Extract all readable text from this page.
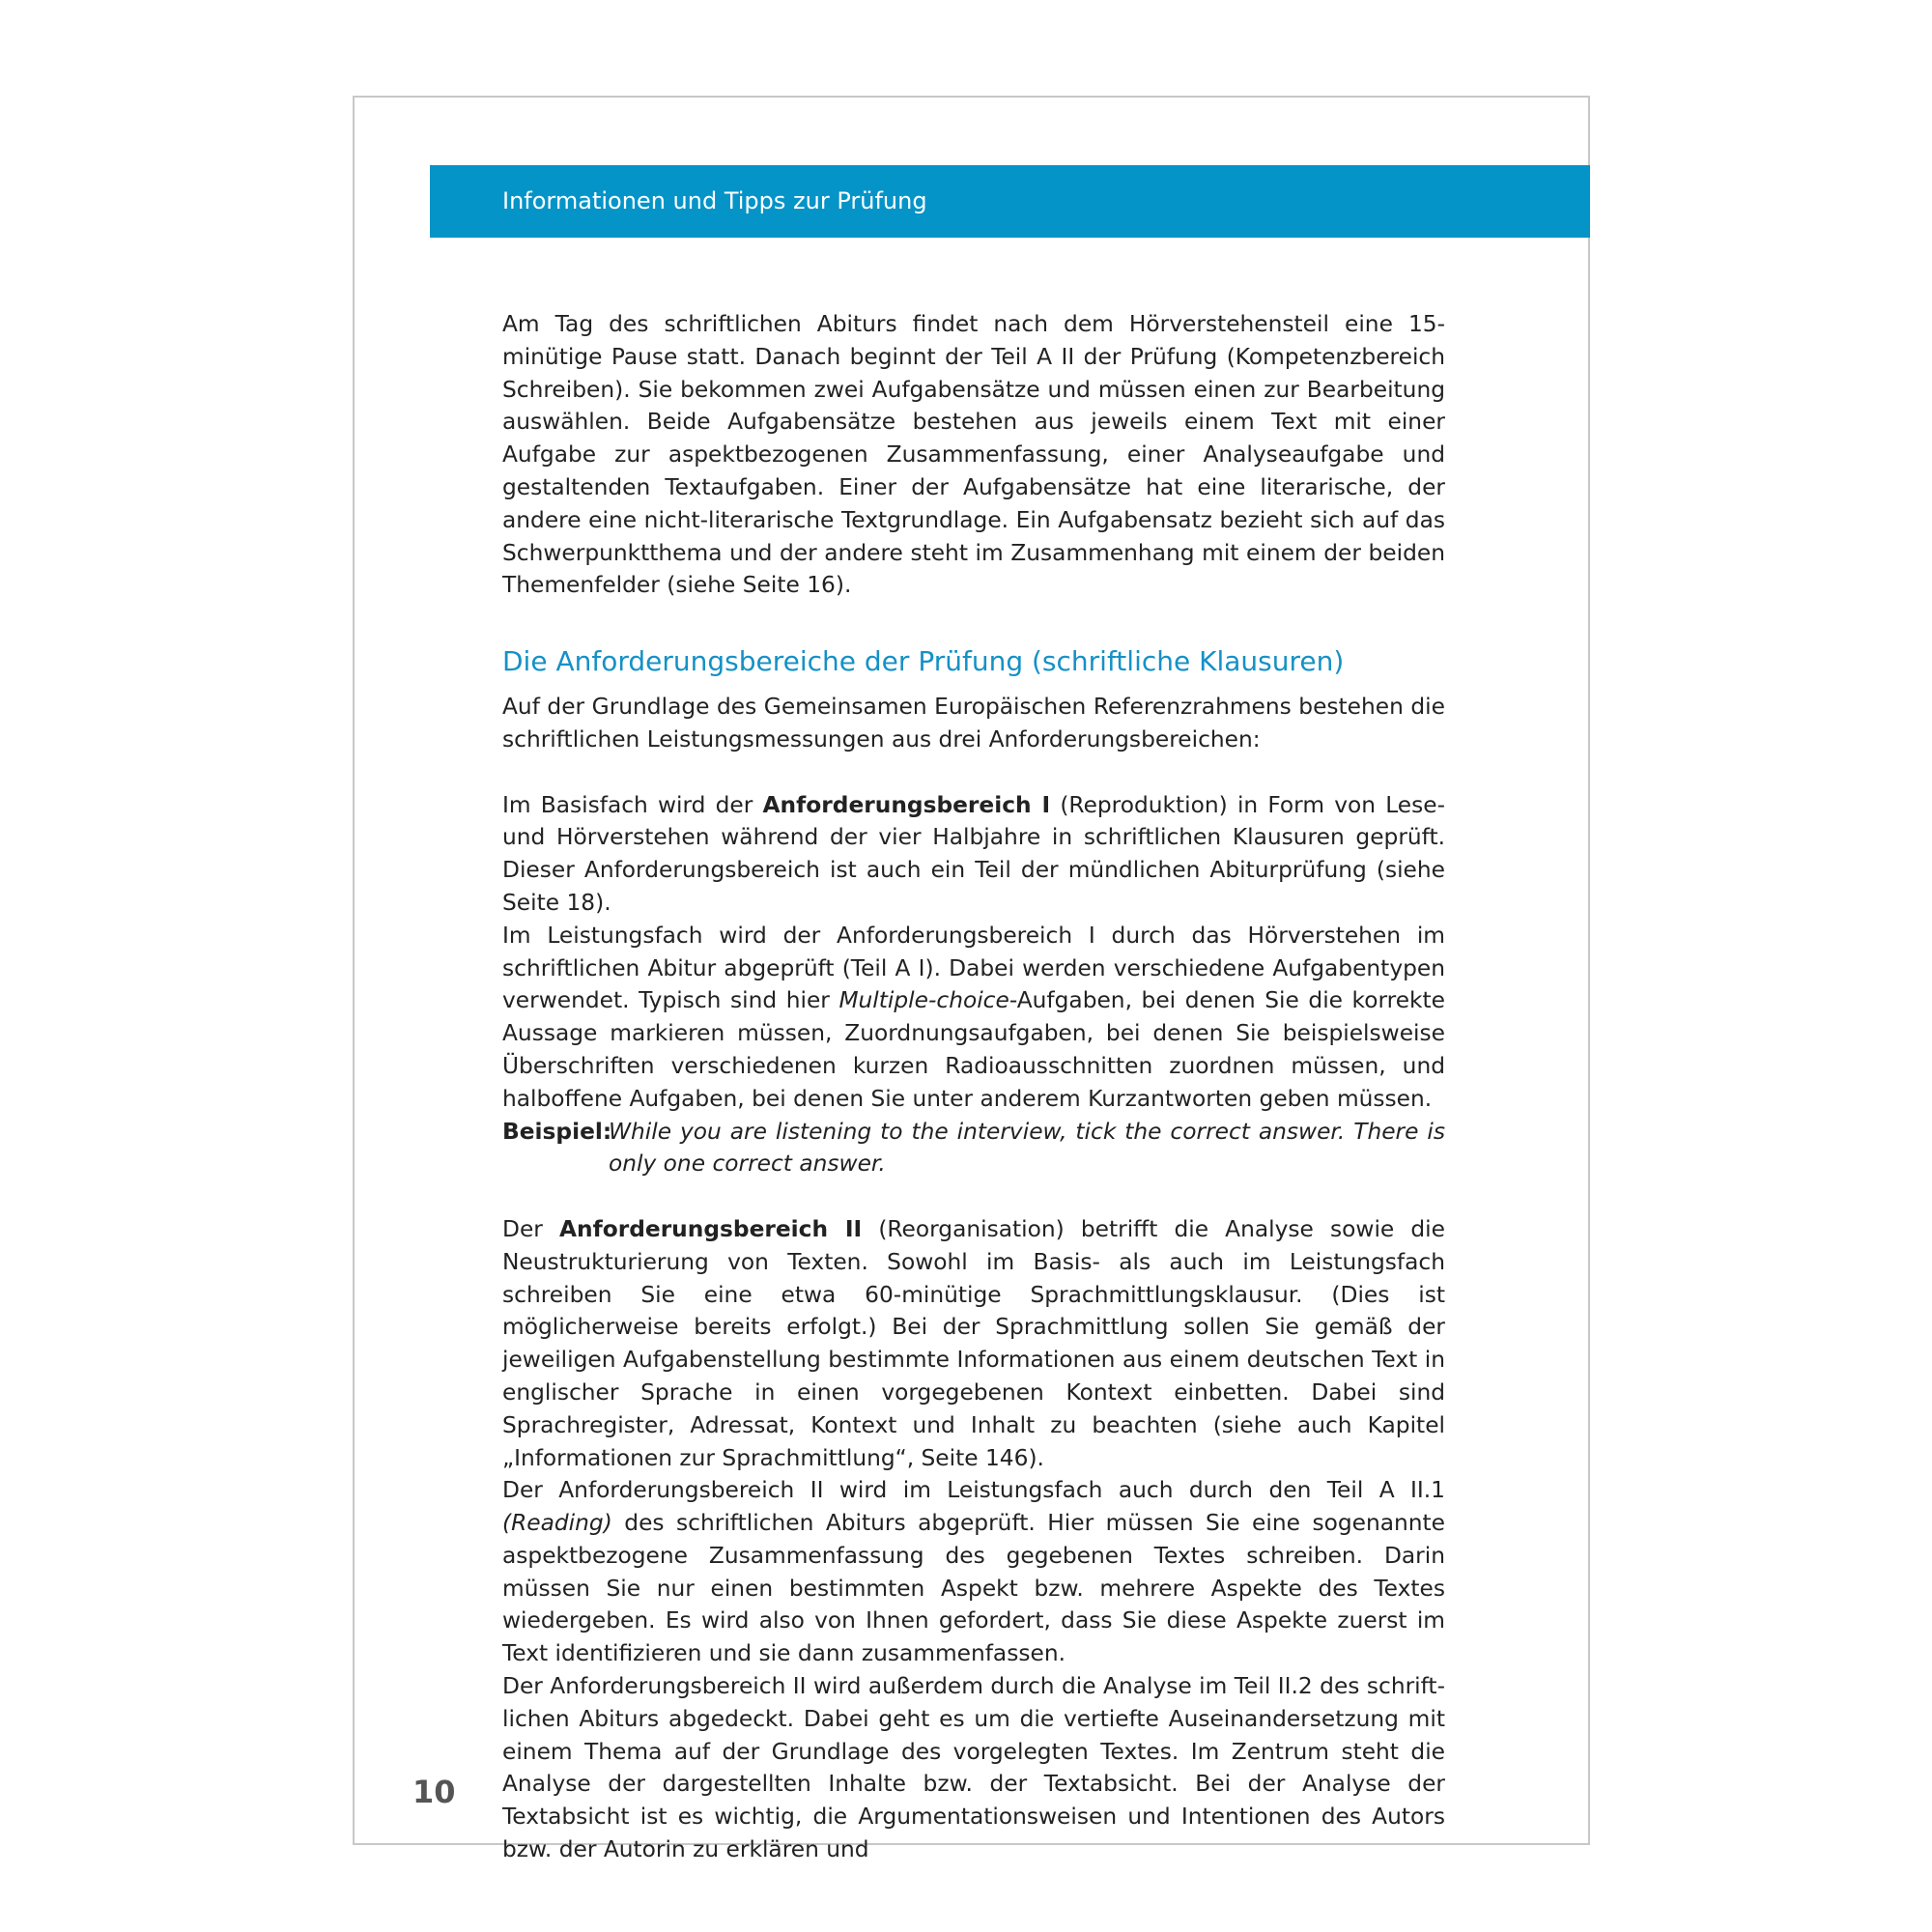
Informationen und Tipps zur Prüfung

Am Tag des schriftlichen Abiturs findet nach dem Hörverstehensteil eine 15-minütige Pause statt. Danach beginnt der Teil A II der Prüfung (Kompetenzbereich Schreiben). Sie bekommen zwei Aufgabensätze und müssen einen zur Bearbeitung auswählen. Beide Aufgabensätze bestehen aus jeweils einem Text mit einer Aufgabe zur aspektbezogenen Zusammenfassung, einer Analyseaufgabe und gestaltenden Textaufgaben. Einer der Aufgabensätze hat eine literarische, der andere eine nicht-literarische Textgrundlage. Ein Aufgabensatz bezieht sich auf das Schwerpunktthema und der andere steht im Zusammenhang mit einem der beiden Themenfelder (siehe Seite 16).

Die Anforderungsbereiche der Prüfung (schriftliche Klausuren)

Auf der Grundlage des Gemeinsamen Europäischen Referenzrahmens bestehen die schriftlichen Leistungsmessungen aus drei Anforderungsbereichen:

Im Basisfach wird der Anforderungsbereich I (Reproduktion) in Form von Lese- und Hörverstehen während der vier Halbjahre in schriftlichen Klausuren geprüft. Dieser Anforderungsbereich ist auch ein Teil der mündlichen Abiturprüfung (siehe Seite 18).

Im Leistungsfach wird der Anforderungsbereich I durch das Hörverstehen im schriftlichen Abitur abgeprüft (Teil A I). Dabei werden verschiedene Aufgabentypen verwendet. Typisch sind hier Multiple-choice-Aufgaben, bei denen Sie die korrekte Aussage markieren müssen, Zuordnungsaufgaben, bei denen Sie beispielsweise Überschriften verschiedenen kurzen Radioausschnitten zuordnen müssen, und halboffene Aufgaben, bei denen Sie unter anderem Kurzantworten geben müssen.

Beispiel:
While you are listening to the interview, tick the correct answer. There is only one correct answer.

Der Anforderungsbereich II (Reorganisation) betrifft die Analyse sowie die Neustrukturierung von Texten. Sowohl im Basis- als auch im Leistungsfach schreiben Sie eine etwa 60-minütige Sprachmittlungsklausur. (Dies ist möglicherweise bereits erfolgt.) Bei der Sprachmittlung sollen Sie gemäß der jeweiligen Aufgabenstellung bestimmte Informationen aus einem deutschen Text in englischer Sprache in einen vorgegebenen Kontext einbetten. Dabei sind Sprachregister, Adressat, Kontext und Inhalt zu beachten (siehe auch Kapitel „Informationen zur Sprachmittlung“, Seite 146).

Der Anforderungsbereich II wird im Leistungsfach auch durch den Teil A II.1 (Reading) des schriftlichen Abiturs abgeprüft. Hier müssen Sie eine sogenannte aspektbezogene Zusammenfassung des gegebenen Textes schreiben. Darin müssen Sie nur einen bestimmten Aspekt bzw. mehrere Aspekte des Textes wiedergeben. Es wird also von Ihnen gefordert, dass Sie diese Aspekte zuerst im Text identifizieren und sie dann zusammenfassen.

Der Anforderungsbereich II wird außerdem durch die Analyse im Teil II.2 des schriftlichen Abiturs abgedeckt. Dabei geht es um die vertiefte Auseinandersetzung mit einem Thema auf der Grundlage des vorgelegten Textes. Im Zentrum steht die Analyse der dargestellten Inhalte bzw. der Textabsicht. Bei der Analyse der Textabsicht ist es wichtig, die Argumentationsweisen und Intentionen des Autors bzw. der Autorin zu erklären und

10
